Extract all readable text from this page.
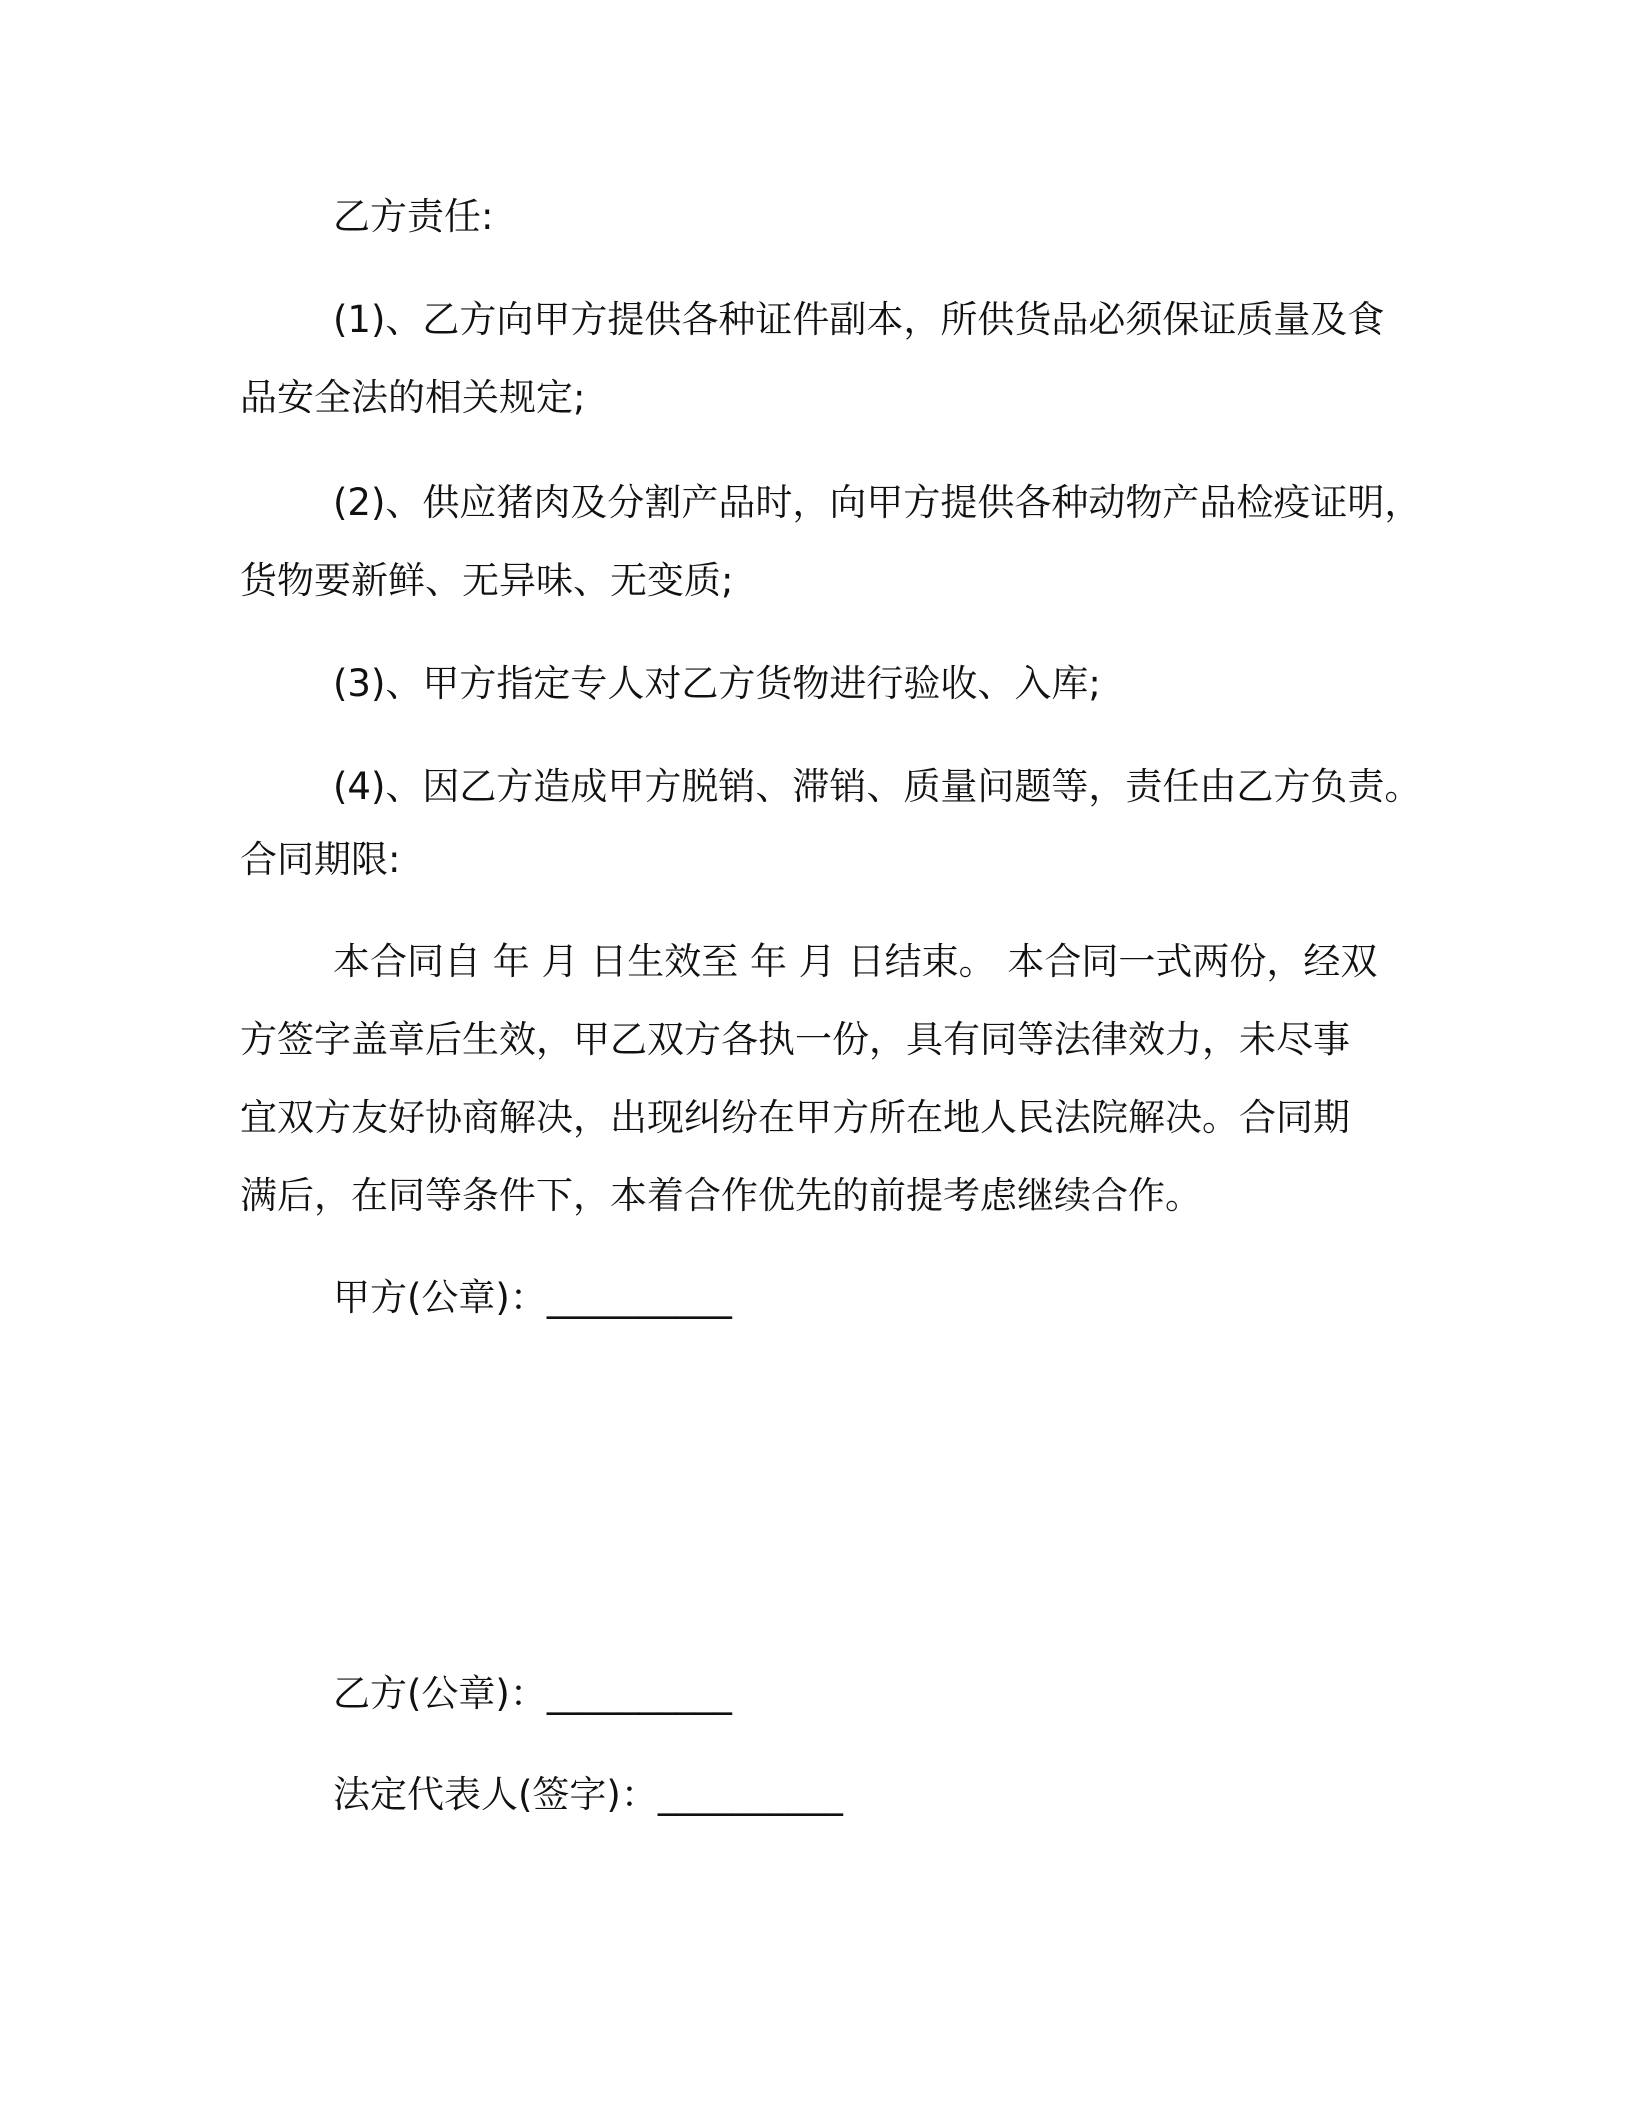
乙方责任:
(1)、乙方向甲方提供各种证件副本，所供货品必须保证质量及食
品安全法的相关规定;
(2)、供应猪肉及分割产品时，向甲方提供各种动物产品检疫证明，
货物要新鲜、无异味、无变质;
(3)、甲方指定专人对乙方货物进行验收、入库;
(4)、因乙方造成甲方脱销、滞销、质量问题等，责任由乙方负责。
合同期限:
本合同自 年 月 日生效至 年 月 日结束。 本合同一式两份，经双
方签字盖章后生效，甲乙双方各执一份，具有同等法律效力，未尽事
宜双方友好协商解决，出现纠纷在甲方所在地人民法院解决。合同期
满后，在同等条件下，本着合作优先的前提考虑继续合作。
甲方(公章)：__________
乙方(公章)：__________
法定代表人(签字)：__________
